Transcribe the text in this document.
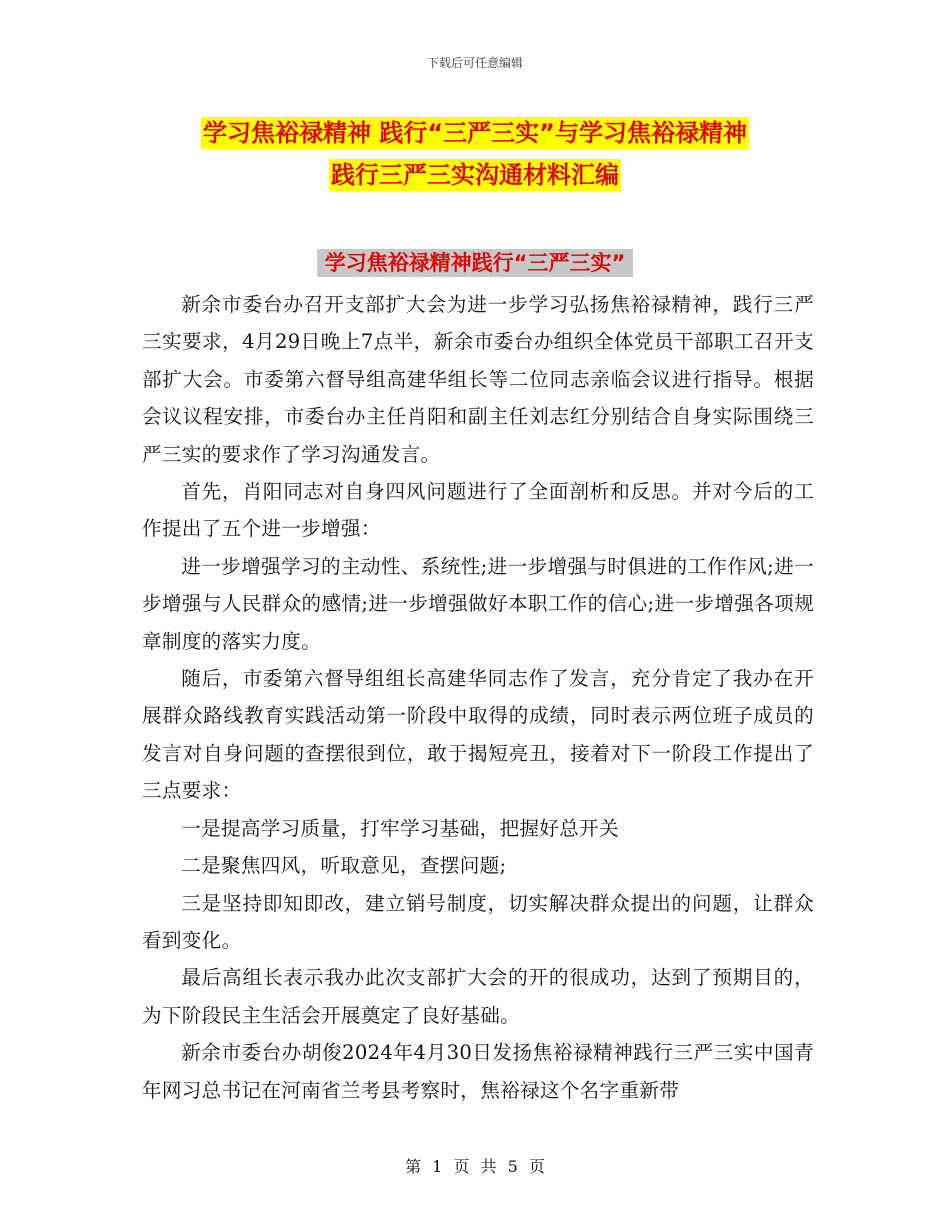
下载后可任意编辑
学习焦裕禄精神 践行“三严三实”与学习焦裕禄精神
践行三严三实沟通材料汇编
学习焦裕禄精神践行“三严三实”

新余市委台办召开支部扩大会为进一步学习弘扬焦裕禄精神，践行三严三实要求，4月29日晚上7点半，新余市委台办组织全体党员干部职工召开支部扩大会。市委第六督导组高建华组长等二位同志亲临会议进行指导。根据会议议程安排，市委台办主任肖阳和副主任刘志红分别结合自身实际围绕三严三实的要求作了学习沟通发言。

首先，肖阳同志对自身四风问题进行了全面剖析和反思。并对今后的工作提出了五个进一步增强：

进一步增强学习的主动性、系统性;进一步增强与时俱进的工作作风;进一步增强与人民群众的感情;进一步增强做好本职工作的信心;进一步增强各项规章制度的落实力度。

随后，市委第六督导组组长高建华同志作了发言，充分肯定了我办在开展群众路线教育实践活动第一阶段中取得的成绩，同时表示两位班子成员的发言对自身问题的查摆很到位，敢于揭短亮丑，接着对下一阶段工作提出了三点要求：

一是提高学习质量，打牢学习基础，把握好总开关

二是聚焦四风，听取意见，查摆问题;

三是坚持即知即改，建立销号制度，切实解决群众提出的问题，让群众看到变化。

最后高组长表示我办此次支部扩大会的开的很成功，达到了预期目的，为下阶段民主生活会开展奠定了良好基础。

新余市委台办胡俊2024年4月30日发扬焦裕禄精神践行三严三实中国青年网习总书记在河南省兰考县考察时，焦裕禄这个名字重新带

第 1 页 共 5 页
